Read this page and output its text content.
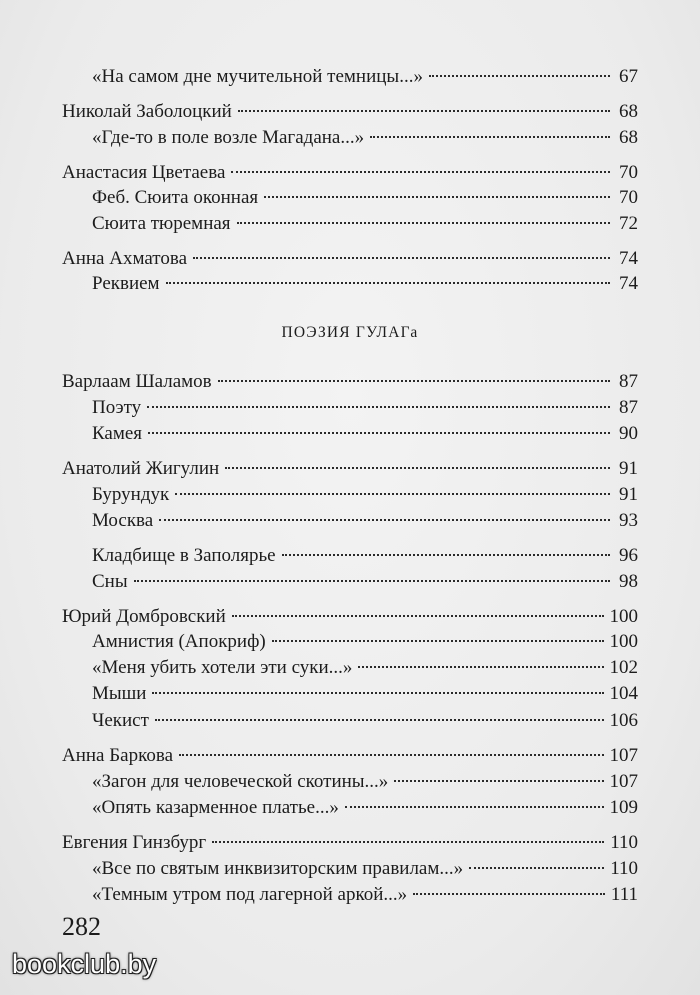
«На самом дне мучительной темницы...»	67
Николай Заболоцкий	68
«Где-то в поле возле Магадана...»	68
Анастасия Цветаева	70
Феб. Сюита оконная	70
Сюита тюремная	72
Анна Ахматова	74
Реквием	74
Варлаам Шаламов	87
Поэту	87
Камея	90
Анатолий Жигулин	91
Бурундук	91
Москва	93
Кладбище в Заполярье	96
Сны	98
Юрий Домбровский	100
Амнистия (Апокриф)	100
«Меня убить хотели эти суки...»	102
Мыши	104
Чекист	106
Анна Баркова	107
«Загон для человеческой скотины...»	107
«Опять казарменное платье...»	109
Евгения Гинзбург	110
«Все по святым инквизиторским правилам...»	110
«Темным утром под лагерной аркой...»	111
ПОЭЗИЯ ГУЛАГа
282
bookclub.by
